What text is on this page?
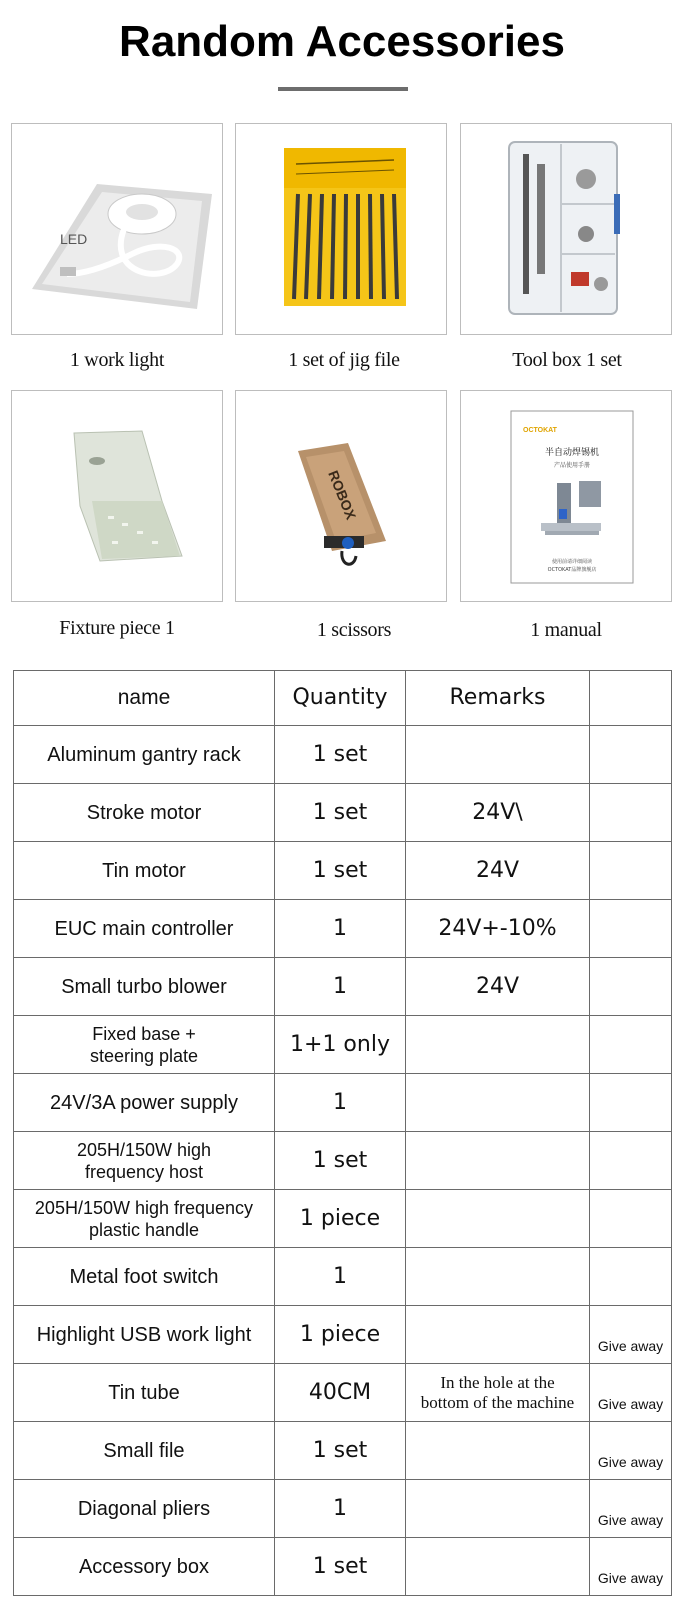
Random Accessories
LED
1 work light	1 set of jig file	Tool box 1 set
Fixture piece 1
ROBOX
1 scissors
OCTOKAT
半自动焊锡机
产品使用手册
使用前请详细阅读
OCTOKAT品牌旗舰店
1 manual
name	Quantity	Remarks	
Aluminum gantry rack	1 set		
Stroke motor	1 set	24V\	
Tin motor	1 set	24V	
EUC main controller	1	24V+-10%	
Small turbo blower	1	24V	
Fixed base +
steering plate	1+1 only		
24V/3A power supply	1		
205H/150W high
frequency host	1 set		
205H/150W high frequency
plastic handle	1 piece		
Metal foot switch	1		
Highlight USB work light	1 piece		Give away
Tin tube	40CM	In the hole at the
bottom of the machine	Give away
Small file	1 set		Give away
Diagonal pliers	1		Give away
Accessory box	1 set		Give away
